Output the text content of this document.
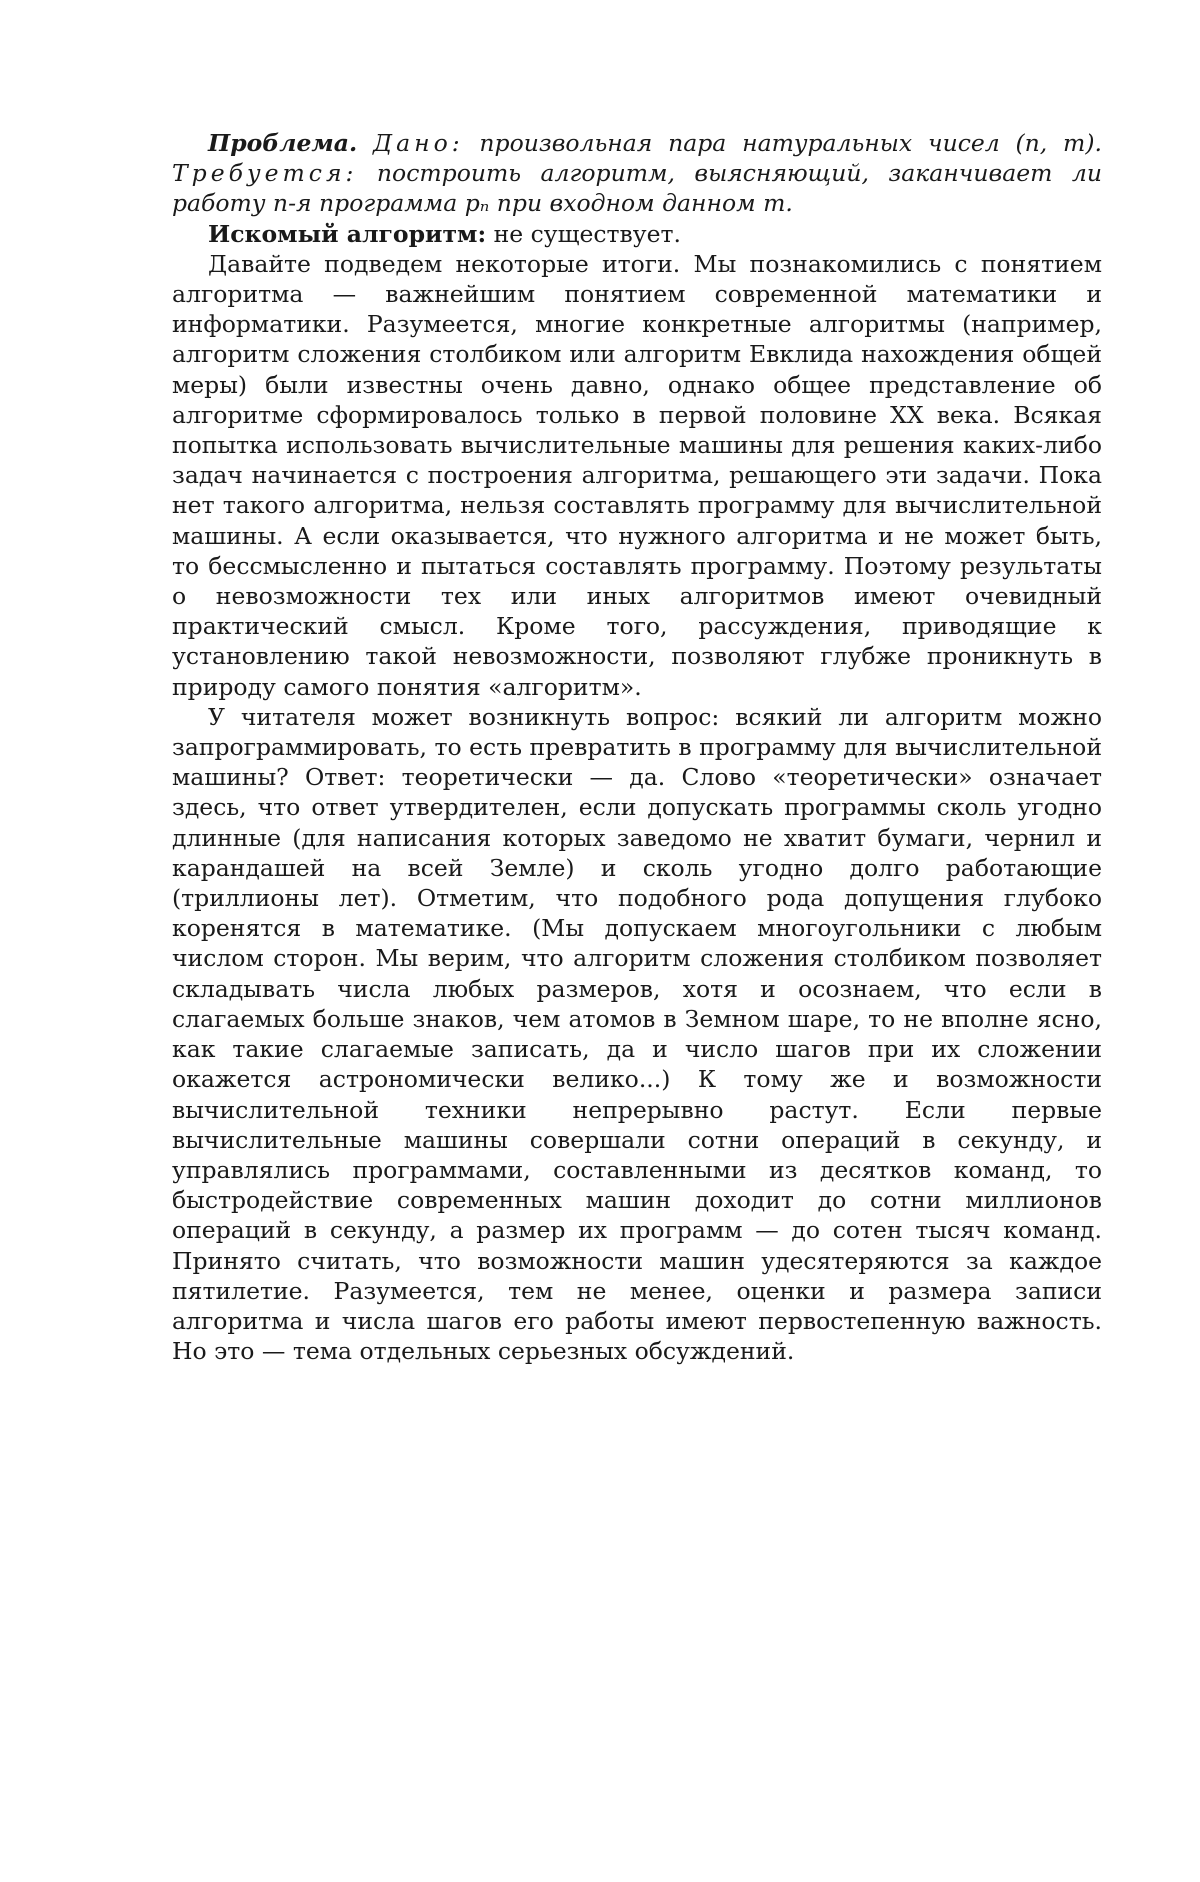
Проблема. Дано: произвольная пара натуральных чисел (n, m). Требуется: построить алгоритм, выясняющий, заканчивает ли работу n-я программа pₙ при входном данном m.

Искомый алгоритм: не существует.

Давайте подведем некоторые итоги. Мы познакомились с понятием алгоритма — важнейшим понятием современной математики и информатики. Разумеется, многие конкретные алгоритмы (например, алгоритм сложения столбиком или алгоритм Евклида нахождения общей меры) были известны очень давно, однако общее представление об алгоритме сформировалось только в первой половине XX века. Всякая попытка использовать вычислительные машины для решения каких-либо задач начинается с построения алгоритма, решающего эти задачи. Пока нет такого алгоритма, нельзя составлять программу для вычислительной машины. А если оказывается, что нужного алгоритма и не может быть, то бессмысленно и пытаться составлять программу. Поэтому результаты о невозможности тех или иных алгоритмов имеют очевидный практический смысл. Кроме того, рассуждения, приводящие к установлению такой невозможности, позволяют глубже проникнуть в природу самого понятия «алгоритм».

У читателя может возникнуть вопрос: всякий ли алгоритм можно запрограммировать, то есть превратить в программу для вычислительной машины? Ответ: теоретически — да. Слово «теоретически» означает здесь, что ответ утвердителен, если допускать программы сколь угодно длинные (для написания которых заведомо не хватит бумаги, чернил и карандашей на всей Земле) и сколь угодно долго работающие (триллионы лет). Отметим, что подобного рода допущения глубоко коренятся в математике. (Мы допускаем многоугольники с любым числом сторон. Мы верим, что алгоритм сложения столбиком позволяет складывать числа любых размеров, хотя и осознаем, что если в слагаемых больше знаков, чем атомов в Земном шаре, то не вполне ясно, как такие слагаемые записать, да и число шагов при их сложении окажется астрономически велико...) К тому же и возможности вычислительной техники непрерывно растут. Если первые вычислительные машины совершали сотни операций в секунду, и управлялись программами, составленными из десятков команд, то быстродействие современных машин доходит до сотни миллионов операций в секунду, а размер их программ — до сотен тысяч команд. Принято считать, что возможности машин удесятеряются за каждое пятилетие. Разумеется, тем не менее, оценки и размера записи алгоритма и числа шагов его работы имеют первостепенную важность. Но это — тема отдельных серьезных обсуждений.
